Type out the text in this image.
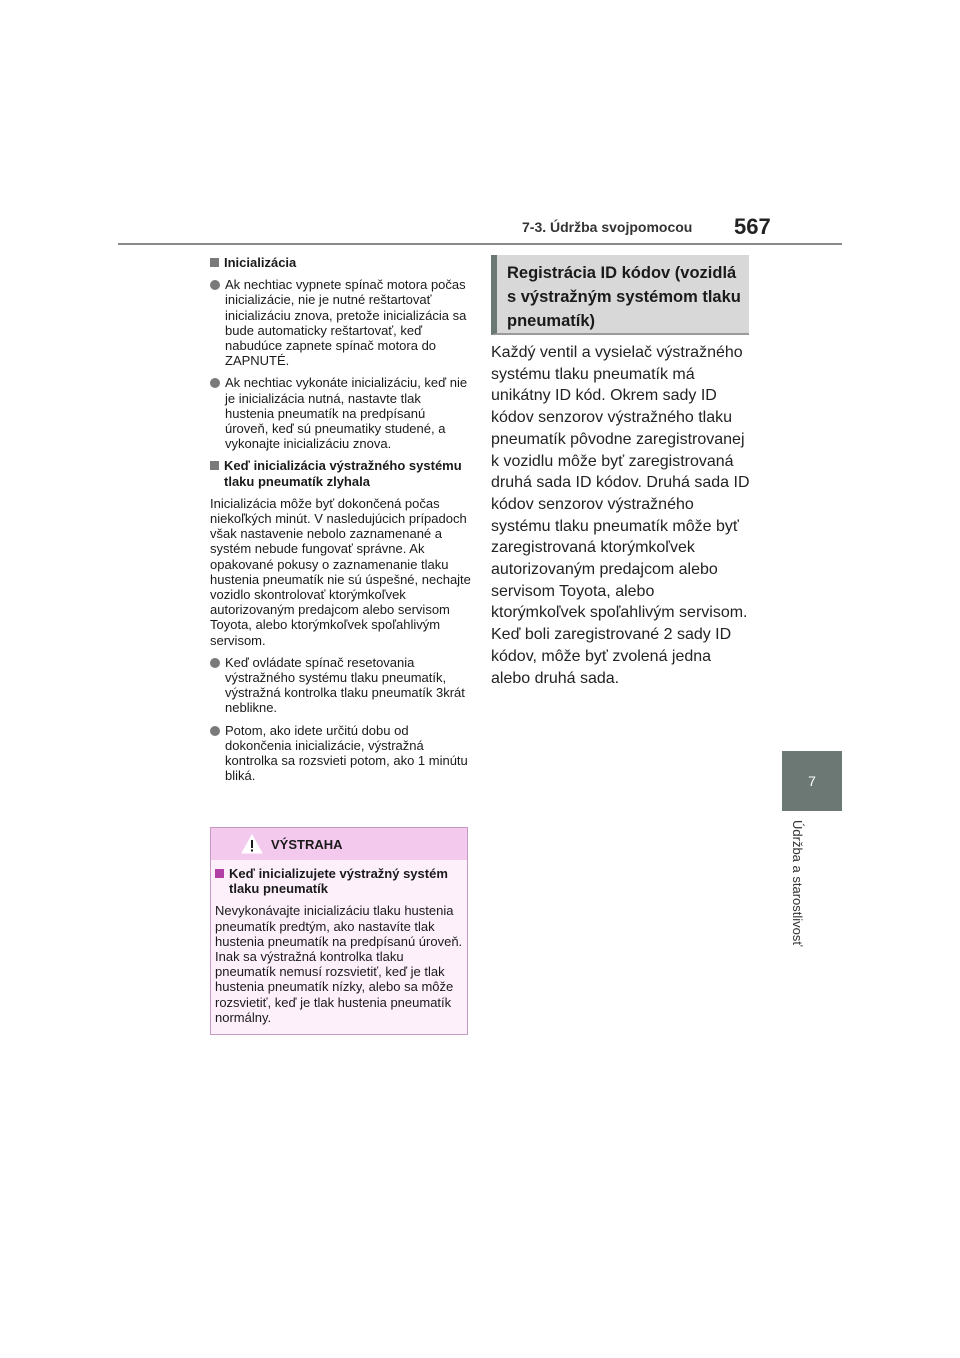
7-3. Údržba svojpomocou 567
7
Údržba a starostlivosť
Inicializácia
Ak nechtiac vypnete spínač motora počas inicializácie, nie je nutné reštartovať inicializáciu znova, pretože inicializácia sa bude automaticky reštartovať, keď nabudúce zapnete spínač motora do ZAPNUTÉ.
Ak nechtiac vykonáte inicializáciu, keď nie je inicializácia nutná, nastavte tlak hustenia pneumatík na predpísanú úroveň, keď sú pneumatiky studené, a vykonajte inicializáciu znova.
Keď inicializácia výstražného systému tlaku pneumatík zlyhala
Inicializácia môže byť dokončená počas niekoľkých minút. V nasledujúcich prípadoch však nastavenie nebolo zaznamenané a systém nebude fungovať správne. Ak opakované pokusy o zaznamenanie tlaku hustenia pneumatík nie sú úspešné, nechajte vozidlo skontrolovať ktorýmkoľvek autorizovaným predajcom alebo servisom Toyota, alebo ktorýmkoľvek spoľahlivým servisom.
Keď ovládate spínač resetovania výstražného systému tlaku pneumatík, výstražná kontrolka tlaku pneumatík 3krát neblikne.
Potom, ako idete určitú dobu od dokončenia inicializácie, výstražná kontrolka sa rozsvieti potom, ako 1 minútu bliká.
VÝSTRAHA
Keď inicializujete výstražný systém tlaku pneumatík
Nevykonávajte inicializáciu tlaku hustenia pneumatík predtým, ako nastavíte tlak hustenia pneumatík na predpísanú úroveň. Inak sa výstražná kontrolka tlaku pneumatík nemusí rozsvietiť, keď je tlak hustenia pneumatík nízky, alebo sa môže rozsvietiť, keď je tlak hustenia pneumatík normálny.
Registrácia ID kódov (vozidlá s výstražným systémom tlaku pneumatík)
Každý ventil a vysielač výstražného systému tlaku pneumatík má unikátny ID kód. Okrem sady ID kódov senzorov výstražného tlaku pneumatík pôvodne zaregistrovanej k vozidlu môže byť zaregistrovaná druhá sada ID kódov. Druhá sada ID kódov senzorov výstražného systému tlaku pneumatík môže byť zaregistrovaná ktorýmkoľvek autorizovaným predajcom alebo servisom Toyota, alebo ktorýmkoľvek spoľahlivým servisom. Keď boli zaregistrované 2 sady ID kódov, môže byť zvolená jedna alebo druhá sada.
